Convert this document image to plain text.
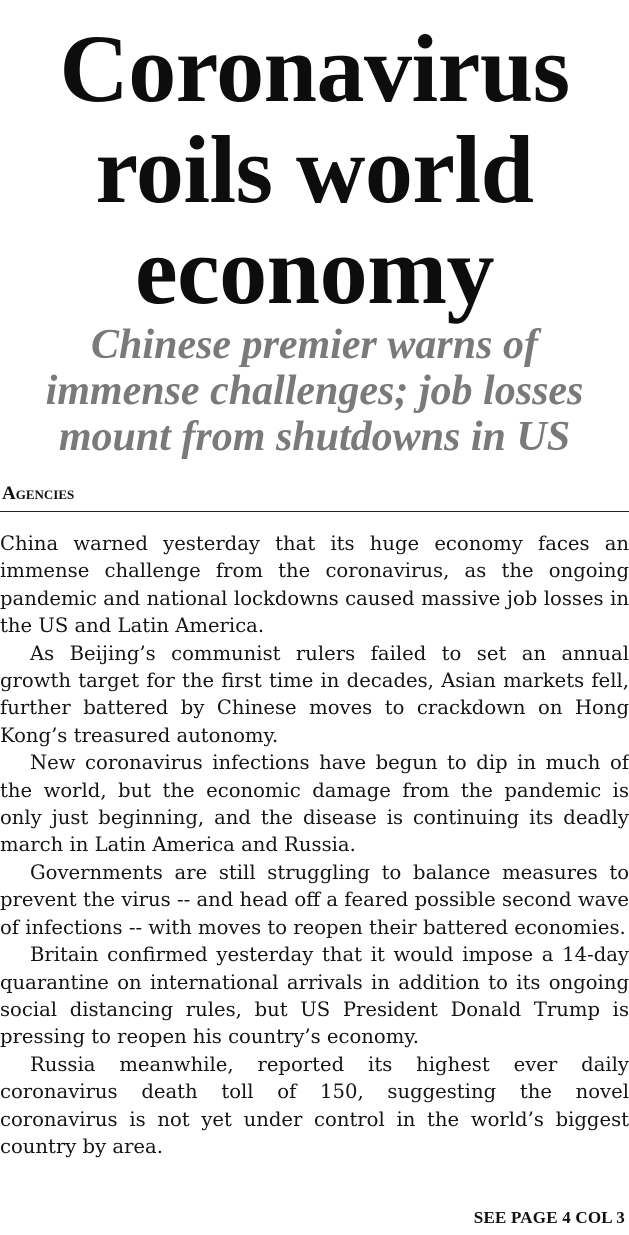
Coronavirus
roils world
economy
Chinese premier warns of
immense challenges; job losses
mount from shutdowns in US
Agencies

China warned yesterday that its huge economy faces an immense challenge from the coronavirus, as the ongoing pandemic and national lockdowns caused massive job losses in the US and Latin America.

As Beijing’s communist rulers failed to set an annual growth target for the first time in decades, Asian markets fell, further battered by Chinese moves to crackdown on Hong Kong’s treasured autonomy.

New coronavirus infections have begun to dip in much of the world, but the economic damage from the pandemic is only just beginning, and the disease is continuing its deadly march in Latin America and Russia.

Governments are still struggling to balance measures to prevent the virus -- and head off a feared possible second wave of infections -- with moves to reopen their battered economies.

Britain confirmed yesterday that it would impose a 14-day quarantine on international arrivals in addition to its ongoing social distancing rules, but US President Donald Trump is pressing to reopen his country’s economy.

Russia meanwhile, reported its highest ever daily coronavirus death toll of 150, suggesting the novel coronavirus is not yet under control in the world’s biggest country by area.

SEE PAGE 4 COL 3
